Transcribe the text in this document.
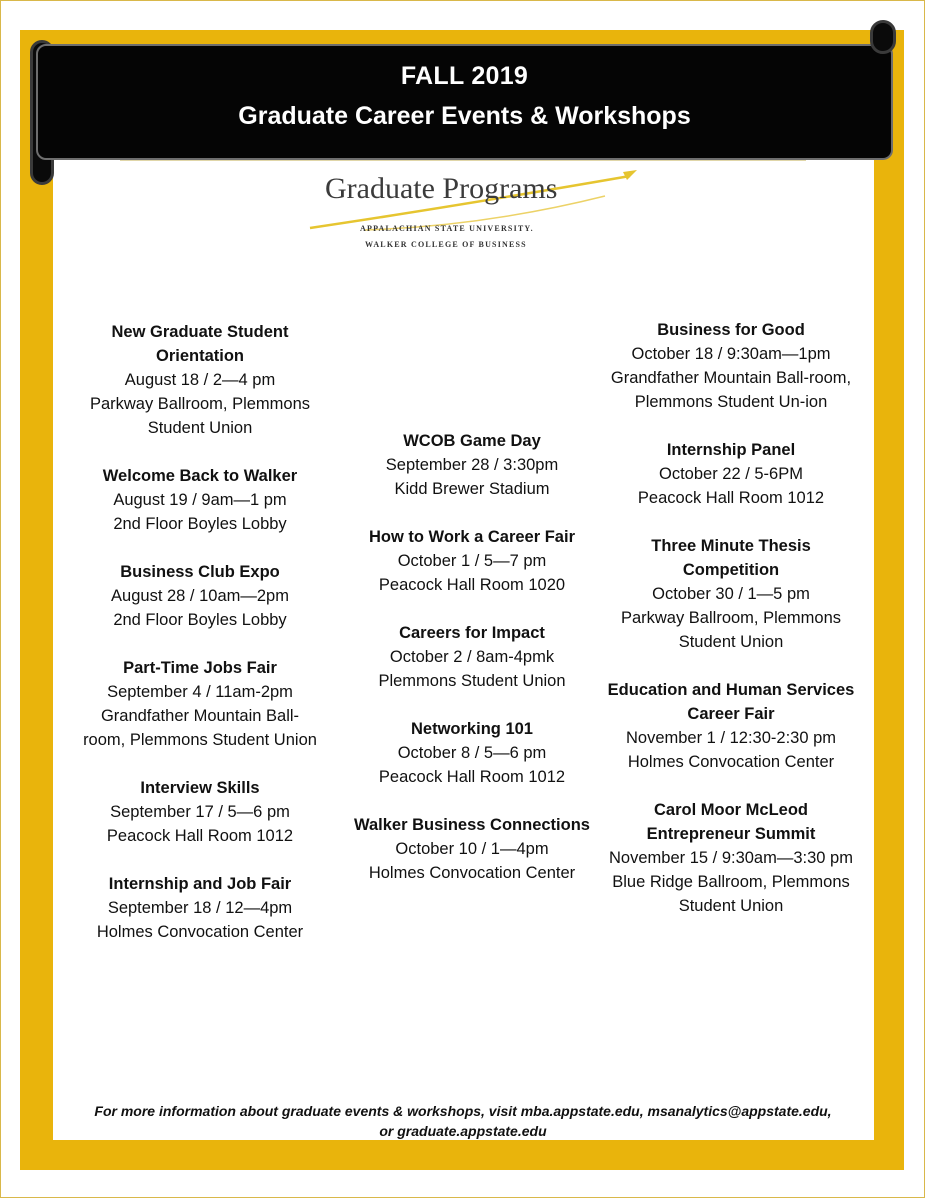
FALL 2019
Graduate Career Events & Workshops
Graduate Programs
APPALACHIAN STATE UNIVERSITY.
WALKER COLLEGE OF BUSINESS
New Graduate Student Orientation
August 18 / 2—4 pm
Parkway Ballroom, Plemmons Student Union
Welcome Back to Walker
August 19 / 9am—1 pm
2nd Floor Boyles Lobby
Business Club Expo
August 28 / 10am—2pm
2nd Floor Boyles Lobby
Part-Time Jobs Fair
September 4 / 11am-2pm
Grandfather Mountain Ball-room, Plemmons Student Union
Interview Skills
September 17 / 5—6 pm
Peacock Hall Room 1012
Internship and Job Fair
September 18 / 12—4pm
Holmes Convocation Center
WCOB Game Day
September 28 / 3:30pm
Kidd Brewer Stadium
How to Work a Career Fair
October 1 / 5—7 pm
Peacock Hall Room 1020
Careers for Impact
October 2 / 8am-4pmk
Plemmons Student Union
Networking 101
October 8 / 5—6 pm
Peacock Hall Room 1012
Walker Business Connections
October 10 / 1—4pm
Holmes Convocation Center
Business for Good
October 18 / 9:30am—1pm
Grandfather Mountain Ball-room, Plemmons Student Un-ion
Internship Panel
October 22 / 5-6PM
Peacock Hall Room 1012
Three Minute Thesis Competition
October 30 / 1—5 pm
Parkway Ballroom, Plemmons Student Union
Education and Human Services Career Fair
November 1 / 12:30-2:30 pm
Holmes Convocation Center
Carol Moor McLeod Entrepreneur Summit
November 15 / 9:30am—3:30 pm
Blue Ridge Ballroom, Plemmons Student Union
For more information about graduate events & workshops, visit mba.appstate.edu, msanalytics@appstate.edu,
or graduate.appstate.edu
